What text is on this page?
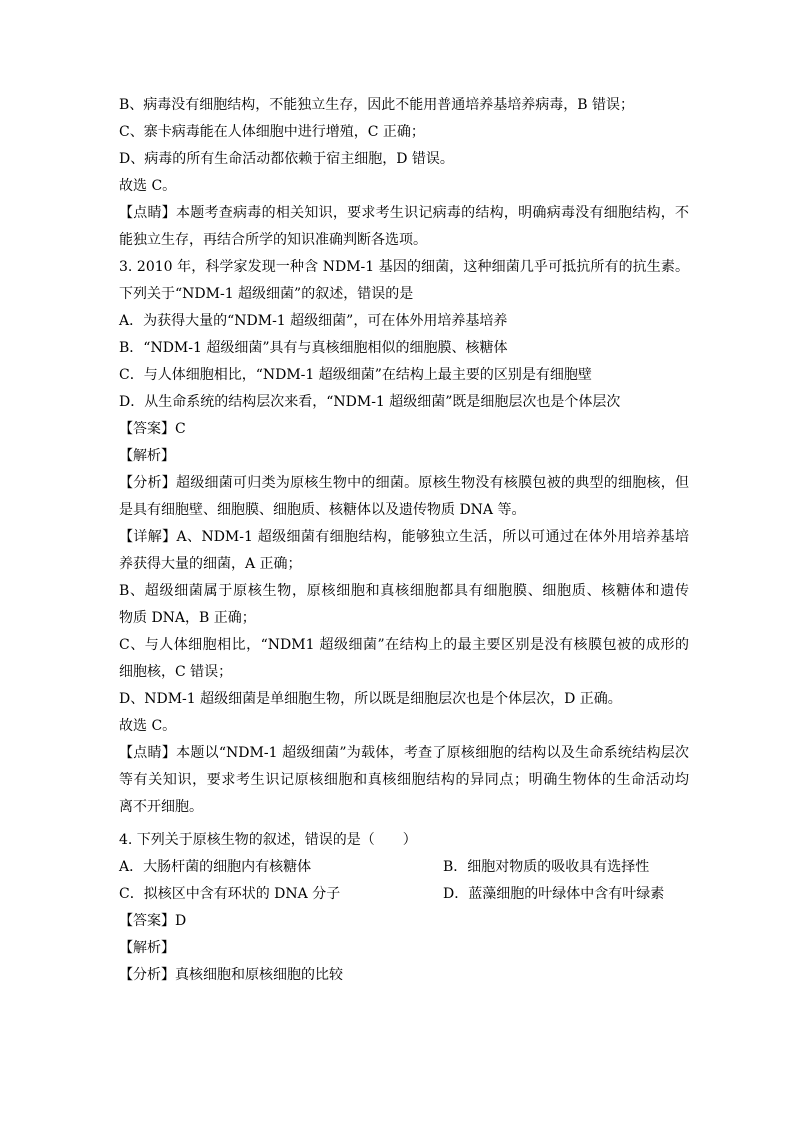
B、病毒没有细胞结构，不能独立生存，因此不能用普通培养基培养病毒，B 错误；
C、寨卡病毒能在人体细胞中进行增殖，C 正确；
D、病毒的所有生命活动都依赖于宿主细胞，D 错误。
故选 C。
【点睛】本题考查病毒的相关知识，要求考生识记病毒的结构，明确病毒没有细胞结构，不
能独立生存，再结合所学的知识准确判断各选项。
3. 2010 年，科学家发现一种含 NDM-1 基因的细菌，这种细菌几乎可抵抗所有的抗生素。
下列关于“NDM-1 超级细菌”的叙述，错误的是
A．为获得大量的“NDM-1 超级细菌”，可在体外用培养基培养
B．“NDM-1 超级细菌”具有与真核细胞相似的细胞膜、核糖体
C．与人体细胞相比，“NDM-1 超级细菌”在结构上最主要的区别是有细胞壁
D．从生命系统的结构层次来看，“NDM-1 超级细菌”既是细胞层次也是个体层次
【答案】C
【解析】
【分析】超级细菌可归类为原核生物中的细菌。原核生物没有核膜包被的典型的细胞核，但
是具有细胞壁、细胞膜、细胞质、核糖体以及遗传物质 DNA 等。
【详解】A、NDM-1 超级细菌有细胞结构，能够独立生活，所以可通过在体外用培养基培
养获得大量的细菌，A 正确；
B、超级细菌属于原核生物，原核细胞和真核细胞都具有细胞膜、细胞质、核糖体和遗传
物质 DNA，B 正确；
C、与人体细胞相比，“NDM1 超级细菌”在结构上的最主要区别是没有核膜包被的成形的
细胞核，C 错误；
D、NDM-1 超级细菌是单细胞生物，所以既是细胞层次也是个体层次，D 正确。
故选 C。
【点睛】本题以“NDM-1 超级细菌”为载体，考查了原核细胞的结构以及生命系统结构层次
等有关知识，要求考生识记原核细胞和真核细胞结构的异同点；明确生物体的生命活动均
离不开细胞。
4. 下列关于原核生物的叙述，错误的是（　　）
A．大肠杆菌的细胞内有核糖体	B．细胞对物质的吸收具有选择性
C．拟核区中含有环状的 DNA 分子	D．蓝藻细胞的叶绿体中含有叶绿素
【答案】D
【解析】
【分析】真核细胞和原核细胞的比较
